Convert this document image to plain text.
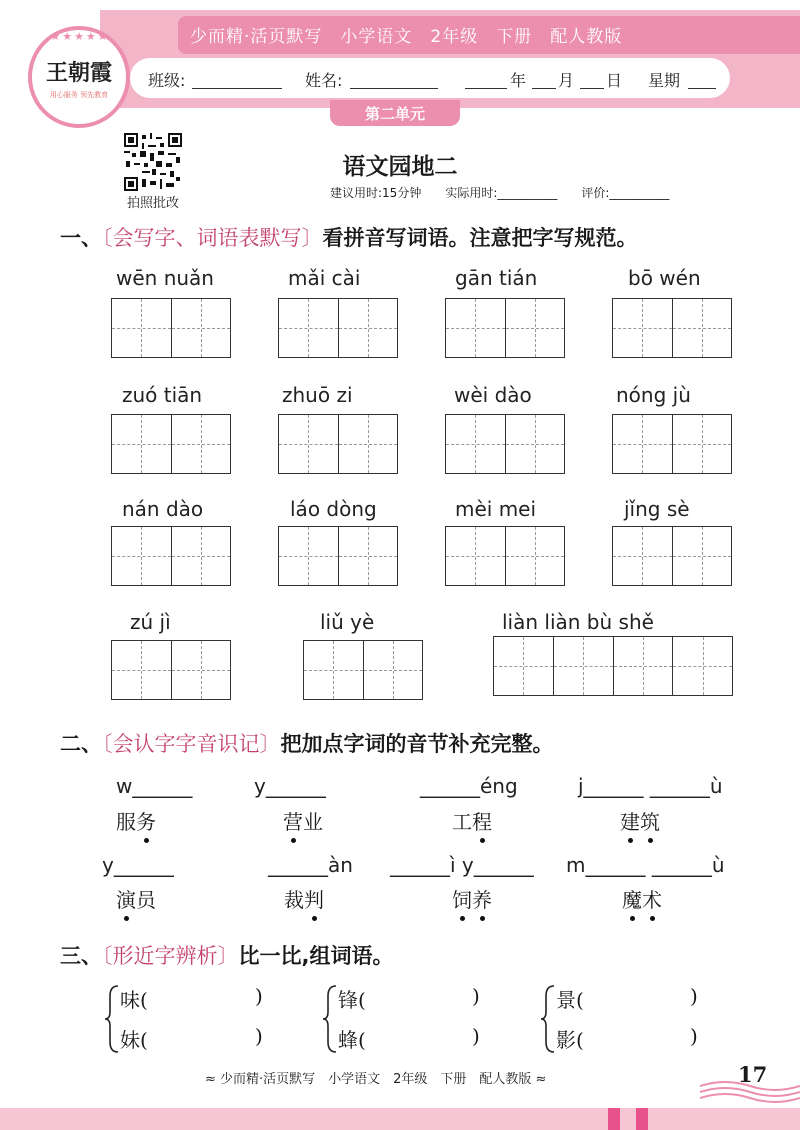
少而精·活页默写　小学语文　2年级　下册　配人教版
班级:	姓名:	年 月 日 星期
第二单元
★★★★★
王朝霞
用心服务 领先教育
拍照批改
语文园地二
建议用时:15分钟　　实际用时:__________　　评价:__________
一、〔会写字、词语表默写〕看拼音写词语。注意把字写规范。
wēn nuǎn	mǎi cài	gān tián	bō wén
zuó tiān	zhuō zi	wèi dào	nóng jù
nán dào	láo dòng	mèi mei	jǐng sè
zú jì	liǔ yè	liàn liàn bù shě
二、〔会认字字音识记〕把加点字词的音节补充完整。
w______
服务
y______
营业
______éng
工程
j______ ______ù
建筑
y______
演员
______àn
裁判
______ì y______
饲养
m______ ______ù
魔术
三、〔形近字辨析〕比一比,组词语。
味(	)
妹(	)
锋(	)
蜂(	)
景(	)
影(	)
≈ 少而精·活页默写　小学语文　2年级　下册　配人教版 ≈	17
